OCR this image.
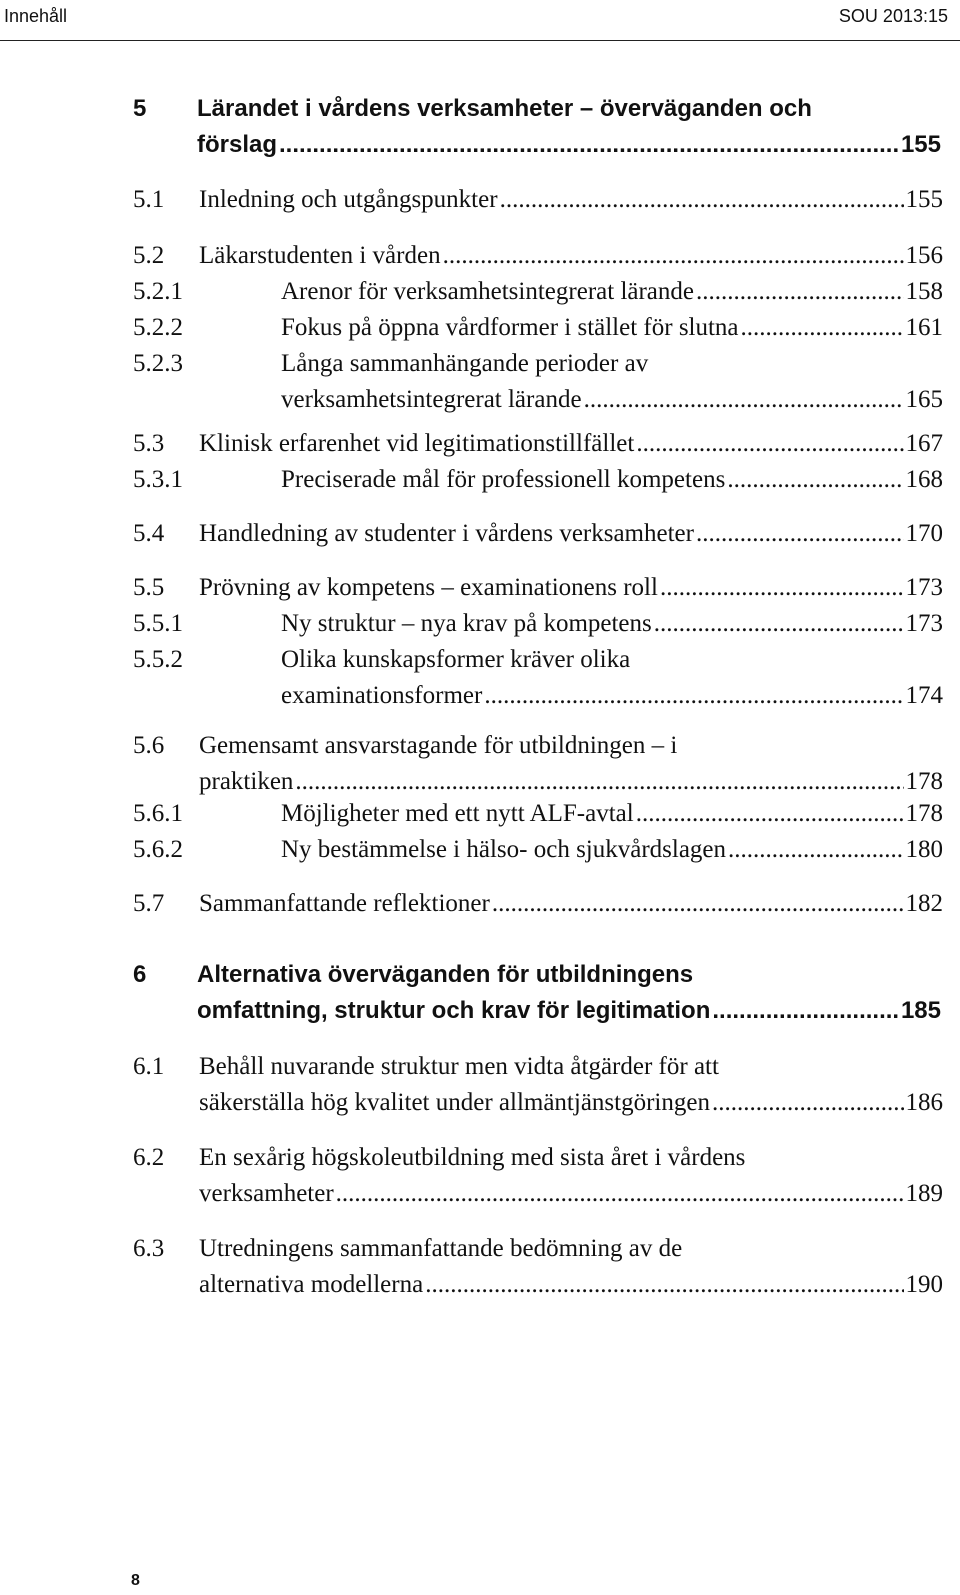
Innehåll	SOU 2013:15
5 Lärandet i vårdens verksamheter – överväganden och
förslag .....	155
5.1 Inledning och utgångspunkter .....	155
5.2 Läkarstudenten i vården .....	156
5.2.1	Arenor för verksamhetsintegrerat lärande .....	158
5.2.2	Fokus på öppna vårdformer i stället för slutna .....	161
5.2.3	Långa sammanhängande perioder av
verksamhetsintegrerat lärande .....	165
5.3 Klinisk erfarenhet vid legitimationstillfället .....	167
5.3.1	Preciserade mål för professionell kompetens .....	168
5.4 Handledning av studenter i vårdens verksamheter .....	170
5.5 Prövning av kompetens – examinationens roll .....	173
5.5.1	Ny struktur – nya krav på kompetens .....	173
5.5.2	Olika kunskapsformer kräver olika
examinationsformer .....	174
5.6 Gemensamt ansvarstagande för utbildningen – i
praktiken .....	178
5.6.1	Möjligheter med ett nytt ALF-avtal .....	178
5.6.2	Ny bestämmelse i hälso- och sjukvårdslagen .....	180
5.7 Sammanfattande reflektioner .....	182
6 Alternativa överväganden för utbildningens
omfattning, struktur och krav för legitimation .....	185
6.1 Behåll nuvarande struktur men vidta åtgärder för att
säkerställa hög kvalitet under allmäntjänstgöringen .....	186
6.2 En sexårig högskoleutbildning med sista året i vårdens
verksamheter .....	189
6.3 Utredningens sammanfattande bedömning av de
alternativa modellerna .....	190
8
